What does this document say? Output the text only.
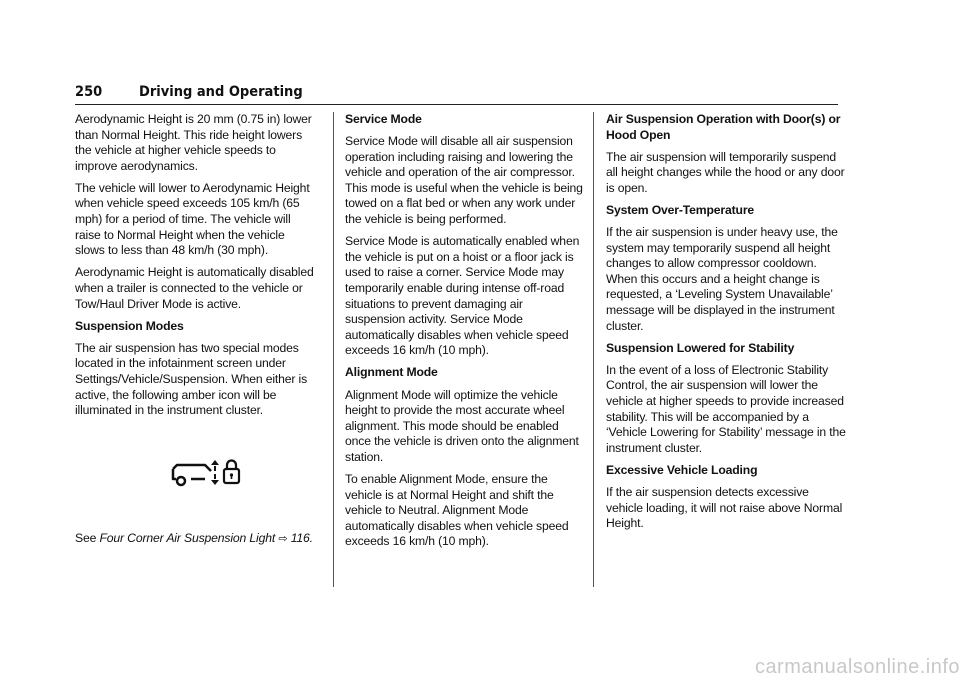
250	Driving and Operating

Aerodynamic Height is 20 mm (0.75 in) lower than Normal Height. This ride height lowers the vehicle at higher vehicle speeds to improve aerodynamics.

The vehicle will lower to Aerodynamic Height when vehicle speed exceeds 105 km/h (65 mph) for a period of time. The vehicle will raise to Normal Height when the vehicle slows to less than 48 km/h (30 mph).

Aerodynamic Height is automatically disabled when a trailer is connected to the vehicle or Tow/Haul Driver Mode is active.

Suspension Modes

The air suspension has two special modes located in the infotainment screen under Settings/Vehicle/Suspension. When either is active, the following amber icon will be illuminated in the instrument cluster.

See Four Corner Air Suspension Light ⇨ 116.

Service Mode

Service Mode will disable all air suspension operation including raising and lowering the vehicle and operation of the air compressor. This mode is useful when the vehicle is being towed on a flat bed or when any work under the vehicle is being performed.

Service Mode is automatically enabled when the vehicle is put on a hoist or a floor jack is used to raise a corner. Service Mode may temporarily enable during intense off-road situations to prevent damaging air suspension activity. Service Mode automatically disables when vehicle speed exceeds 16 km/h (10 mph).

Alignment Mode

Alignment Mode will optimize the vehicle height to provide the most accurate wheel alignment. This mode should be enabled once the vehicle is driven onto the alignment station.

To enable Alignment Mode, ensure the vehicle is at Normal Height and shift the vehicle to Neutral. Alignment Mode automatically disables when vehicle speed exceeds 16 km/h (10 mph).

Air Suspension Operation with Door(s) or Hood Open

The air suspension will temporarily suspend all height changes while the hood or any door is open.

System Over-Temperature

If the air suspension is under heavy use, the system may temporarily suspend all height changes to allow compressor cooldown. When this occurs and a height change is requested, a ‘Leveling System Unavailable’ message will be displayed in the instrument cluster.

Suspension Lowered for Stability

In the event of a loss of Electronic Stability Control, the air suspension will lower the vehicle at higher speeds to provide increased stability. This will be accompanied by a ‘Vehicle Lowering for Stability’ message in the instrument cluster.

Excessive Vehicle Loading

If the air suspension detects excessive vehicle loading, it will not raise above Normal Height.

carmanualsonline.info
